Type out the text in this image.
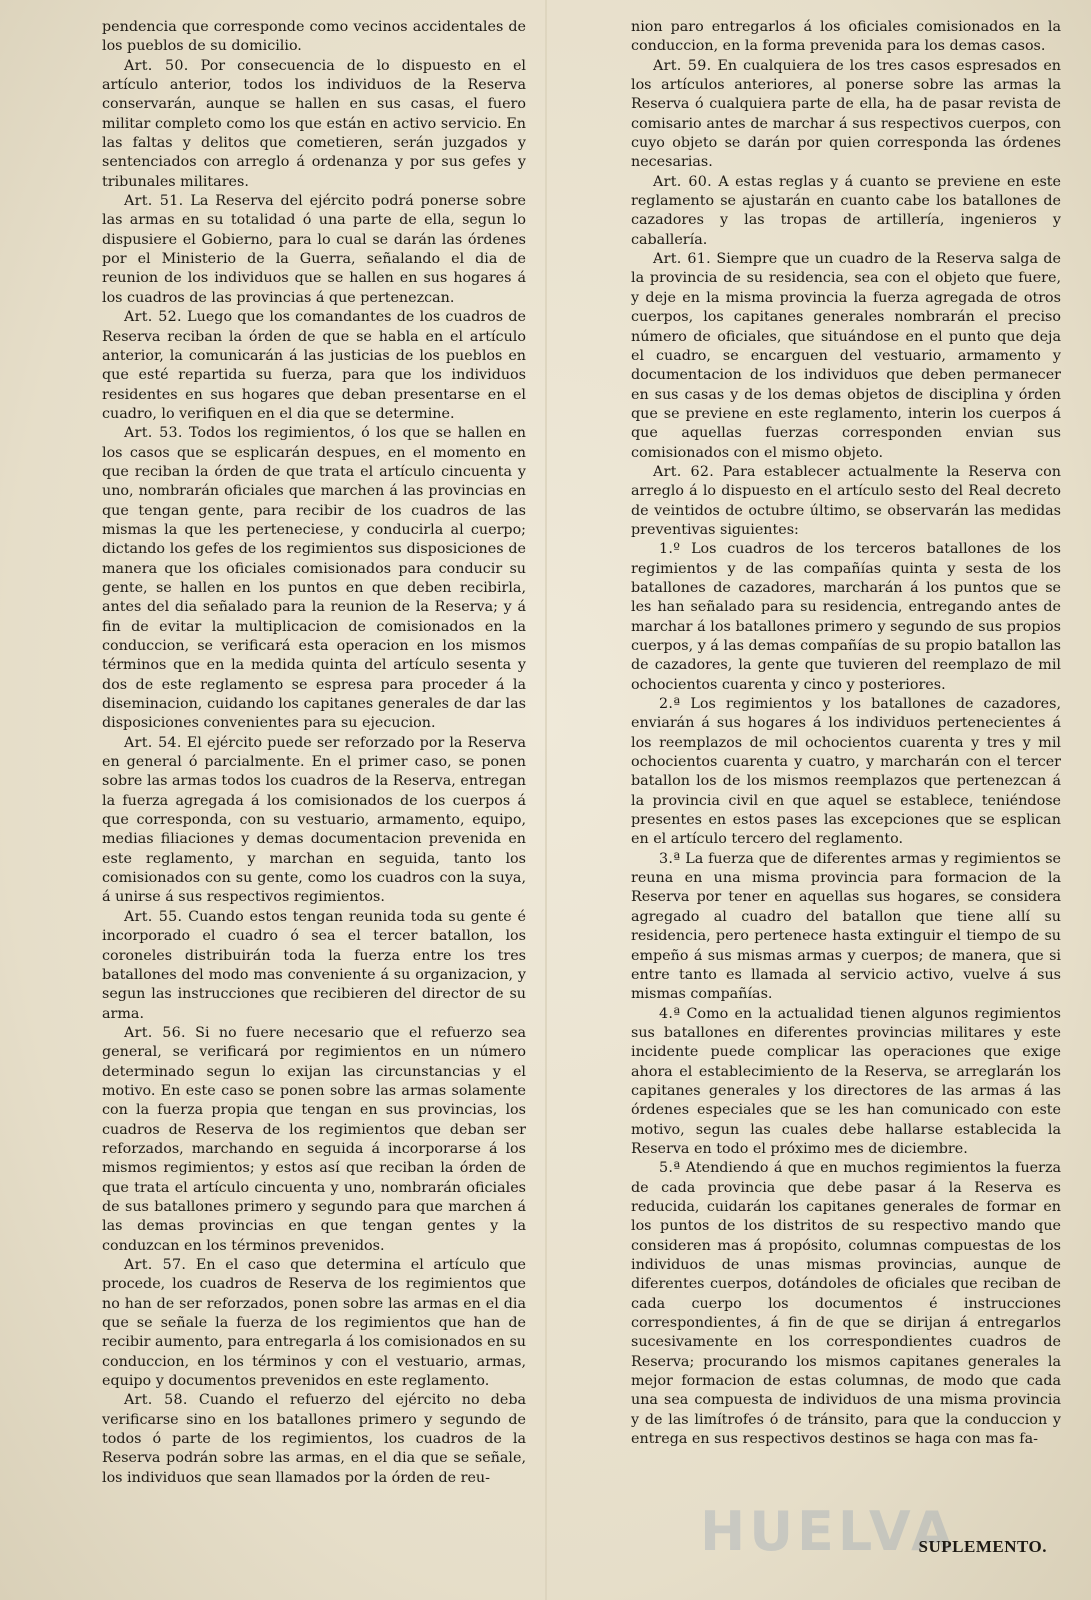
pendencia que corresponde como vecinos accidentales de los pueblos de su domicilio.

Art. 50. Por consecuencia de lo dispuesto en el artículo anterior, todos los individuos de la Reserva conservarán, aunque se hallen en sus casas, el fuero militar completo como los que están en activo servicio. En las faltas y delitos que cometieren, serán juzgados y sentenciados con arreglo á ordenanza y por sus gefes y tribunales militares.

Art. 51. La Reserva del ejército podrá ponerse sobre las armas en su totalidad ó una parte de ella, segun lo dispusiere el Gobierno, para lo cual se darán las órdenes por el Ministerio de la Guerra, señalando el dia de reunion de los individuos que se hallen en sus hogares á los cuadros de las provincias á que pertenezcan.

Art. 52. Luego que los comandantes de los cuadros de Reserva reciban la órden de que se habla en el artículo anterior, la comunicarán á las justicias de los pueblos en que esté repartida su fuerza, para que los individuos residentes en sus hogares que deban presentarse en el cuadro, lo verifiquen en el dia que se determine.

Art. 53. Todos los regimientos, ó los que se hallen en los casos que se esplicarán despues, en el momento en que reciban la órden de que trata el artículo cincuenta y uno, nombrarán oficiales que marchen á las provincias en que tengan gente, para recibir de los cuadros de las mismas la que les perteneciese, y conducirla al cuerpo; dictando los gefes de los regimientos sus disposiciones de manera que los oficiales comisionados para conducir su gente, se hallen en los puntos en que deben recibirla, antes del dia señalado para la reunion de la Reserva; y á fin de evitar la multiplicacion de comisionados en la conduccion, se verificará esta operacion en los mismos términos que en la medida quinta del artículo sesenta y dos de este reglamento se espresa para proceder á la diseminacion, cuidando los capitanes generales de dar las disposiciones convenientes para su ejecucion.

Art. 54. El ejército puede ser reforzado por la Reserva en general ó parcialmente. En el primer caso, se ponen sobre las armas todos los cuadros de la Reserva, entregan la fuerza agregada á los comisionados de los cuerpos á que corresponda, con su vestuario, armamento, equipo, medias filiaciones y demas documentacion prevenida en este reglamento, y marchan en seguida, tanto los comisionados con su gente, como los cuadros con la suya, á unirse á sus respectivos regimientos.

Art. 55. Cuando estos tengan reunida toda su gente é incorporado el cuadro ó sea el tercer batallon, los coroneles distribuirán toda la fuerza entre los tres batallones del modo mas conveniente á su organizacion, y segun las instrucciones que recibieren del director de su arma.

Art. 56. Si no fuere necesario que el refuerzo sea general, se verificará por regimientos en un número determinado segun lo exijan las circunstancias y el motivo. En este caso se ponen sobre las armas solamente con la fuerza propia que tengan en sus provincias, los cuadros de Reserva de los regimientos que deban ser reforzados, marchando en seguida á incorporarse á los mismos regimientos; y estos así que reciban la órden de que trata el artículo cincuenta y uno, nombrarán oficiales de sus batallones primero y segundo para que marchen á las demas provincias en que tengan gentes y la conduzcan en los términos prevenidos.

Art. 57. En el caso que determina el artículo que procede, los cuadros de Reserva de los regimientos que no han de ser reforzados, ponen sobre las armas en el dia que se señale la fuerza de los regimientos que han de recibir aumento, para entregarla á los comisionados en su conduccion, en los términos y con el vestuario, armas, equipo y documentos prevenidos en este reglamento.

Art. 58. Cuando el refuerzo del ejército no deba verificarse sino en los batallones primero y segundo de todos ó parte de los regimientos, los cuadros de la Reserva podrán sobre las armas, en el dia que se señale, los individuos que sean llamados por la órden de reu-

nion paro entregarlos á los oficiales comisionados en la conduccion, en la forma prevenida para los demas casos.

Art. 59. En cualquiera de los tres casos espresados en los artículos anteriores, al ponerse sobre las armas la Reserva ó cualquiera parte de ella, ha de pasar revista de comisario antes de marchar á sus respectivos cuerpos, con cuyo objeto se darán por quien corresponda las órdenes necesarias.

Art. 60. A estas reglas y á cuanto se previene en este reglamento se ajustarán en cuanto cabe los batallones de cazadores y las tropas de artillería, ingenieros y caballería.

Art. 61. Siempre que un cuadro de la Reserva salga de la provincia de su residencia, sea con el objeto que fuere, y deje en la misma provincia la fuerza agregada de otros cuerpos, los capitanes generales nombrarán el preciso número de oficiales, que situándose en el punto que deja el cuadro, se encarguen del vestuario, armamento y documentacion de los individuos que deben permanecer en sus casas y de los demas objetos de disciplina y órden que se previene en este reglamento, interin los cuerpos á que aquellas fuerzas corresponden envian sus comisionados con el mismo objeto.

Art. 62. Para establecer actualmente la Reserva con arreglo á lo dispuesto en el artículo sesto del Real decreto de veintidos de octubre último, se observarán las medidas preventivas siguientes:

1.º Los cuadros de los terceros batallones de los regimientos y de las compañías quinta y sesta de los batallones de cazadores, marcharán á los puntos que se les han señalado para su residencia, entregando antes de marchar á los batallones primero y segundo de sus propios cuerpos, y á las demas compañías de su propio batallon las de cazadores, la gente que tuvieren del reemplazo de mil ochocientos cuarenta y cinco y posteriores.

2.ª Los regimientos y los batallones de cazadores, enviarán á sus hogares á los individuos pertenecientes á los reemplazos de mil ochocientos cuarenta y tres y mil ochocientos cuarenta y cuatro, y marcharán con el tercer batallon los de los mismos reemplazos que pertenezcan á la provincia civil en que aquel se establece, teniéndose presentes en estos pases las excepciones que se esplican en el artículo tercero del reglamento.

3.ª La fuerza que de diferentes armas y regimientos se reuna en una misma provincia para formacion de la Reserva por tener en aquellas sus hogares, se considera agregado al cuadro del batallon que tiene allí su residencia, pero pertenece hasta extinguir el tiempo de su empeño á sus mismas armas y cuerpos; de manera, que si entre tanto es llamada al servicio activo, vuelve á sus mismas compañías.

4.ª Como en la actualidad tienen algunos regimientos sus batallones en diferentes provincias militares y este incidente puede complicar las operaciones que exige ahora el establecimiento de la Reserva, se arreglarán los capitanes generales y los directores de las armas á las órdenes especiales que se les han comunicado con este motivo, segun las cuales debe hallarse establecida la Reserva en todo el próximo mes de diciembre.

5.ª Atendiendo á que en muchos regimientos la fuerza de cada provincia que debe pasar á la Reserva es reducida, cuidarán los capitanes generales de formar en los puntos de los distritos de su respectivo mando que consideren mas á propósito, columnas compuestas de los individuos de unas mismas provincias, aunque de diferentes cuerpos, dotándoles de oficiales que reciban de cada cuerpo los documentos é instrucciones correspondientes, á fin de que se dirijan á entregarlos sucesivamente en los correspondientes cuadros de Reserva; procurando los mismos capitanes generales la mejor formacion de estas columnas, de modo que cada una sea compuesta de individuos de una misma provincia y de las limítrofes ó de tránsito, para que la conduccion y entrega en sus respectivos destinos se haga con mas fa-

HUELVA
SUPLEMENTO.
